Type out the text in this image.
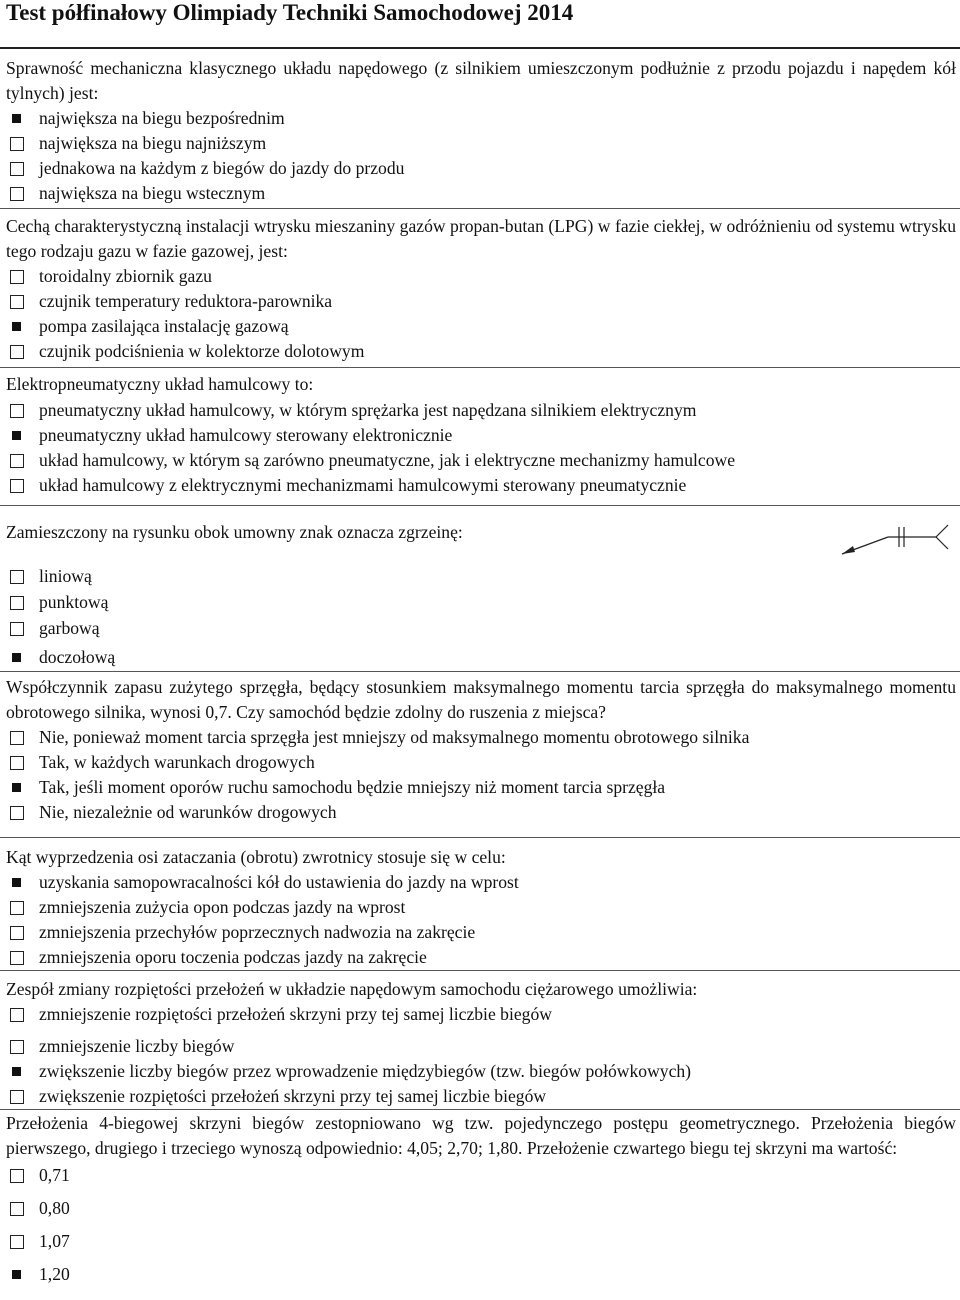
Test półfinałowy Olimpiady Techniki Samochodowej 2014

Sprawność mechaniczna klasycznego układu napędowego (z silnikiem umieszczonym podłużnie z przodu pojazdu i napędem kół tylnych) jest:

największa na biegu bezpośrednim
największa na biegu najniższym
jednakowa na każdym z biegów do jazdy do przodu
największa na biegu wstecznym

Cechą charakterystyczną instalacji wtrysku mieszaniny gazów propan-butan (LPG) w fazie ciekłej, w odróżnieniu od systemu wtrysku tego rodzaju gazu w fazie gazowej, jest:

toroidalny zbiornik gazu
czujnik temperatury reduktora-parownika
pompa zasilająca instalację gazową
czujnik podciśnienia w kolektorze dolotowym

Elektropneumatyczny układ hamulcowy to:

pneumatyczny układ hamulcowy, w którym sprężarka jest napędzana silnikiem elektrycznym
pneumatyczny układ hamulcowy sterowany elektronicznie
układ hamulcowy, w którym są zarówno pneumatyczne, jak i elektryczne mechanizmy hamulcowe
układ hamulcowy z elektrycznymi mechanizmami hamulcowymi sterowany pneumatycznie

Zamieszczony na rysunku obok umowny znak oznacza zgrzeinę:

liniową
punktową
garbową
doczołową

Współczynnik zapasu zużytego sprzęgła, będący stosunkiem maksymalnego momentu tarcia sprzęgła do maksymalnego momentu obrotowego silnika, wynosi 0,7. Czy samochód będzie zdolny do ruszenia z miejsca?

Nie, ponieważ moment tarcia sprzęgła jest mniejszy od maksymalnego momentu obrotowego silnika
Tak, w każdych warunkach drogowych
Tak, jeśli moment oporów ruchu samochodu będzie mniejszy niż moment tarcia sprzęgła
Nie, niezależnie od warunków drogowych

Kąt wyprzedzenia osi zataczania (obrotu) zwrotnicy stosuje się w celu:

uzyskania samopowracalności kół do ustawienia do jazdy na wprost
zmniejszenia zużycia opon podczas jazdy na wprost
zmniejszenia przechyłów poprzecznych nadwozia na zakręcie
zmniejszenia oporu toczenia podczas jazdy na zakręcie

Zespół zmiany rozpiętości przełożeń w układzie napędowym samochodu ciężarowego umożliwia:

zmniejszenie rozpiętości przełożeń skrzyni przy tej samej liczbie biegów
zmniejszenie liczby biegów
zwiększenie liczby biegów przez wprowadzenie międzybiegów (tzw. biegów połówkowych)
zwiększenie rozpiętości przełożeń skrzyni przy tej samej liczbie biegów

Przełożenia 4-biegowej skrzyni biegów zestopniowano wg tzw. pojedynczego postępu geometrycznego. Przełożenia biegów pierwszego, drugiego i trzeciego wynoszą odpowiednio: 4,05; 2,70; 1,80. Przełożenie czwartego biegu tej skrzyni ma wartość:

0,71
0,80
1,07
1,20
